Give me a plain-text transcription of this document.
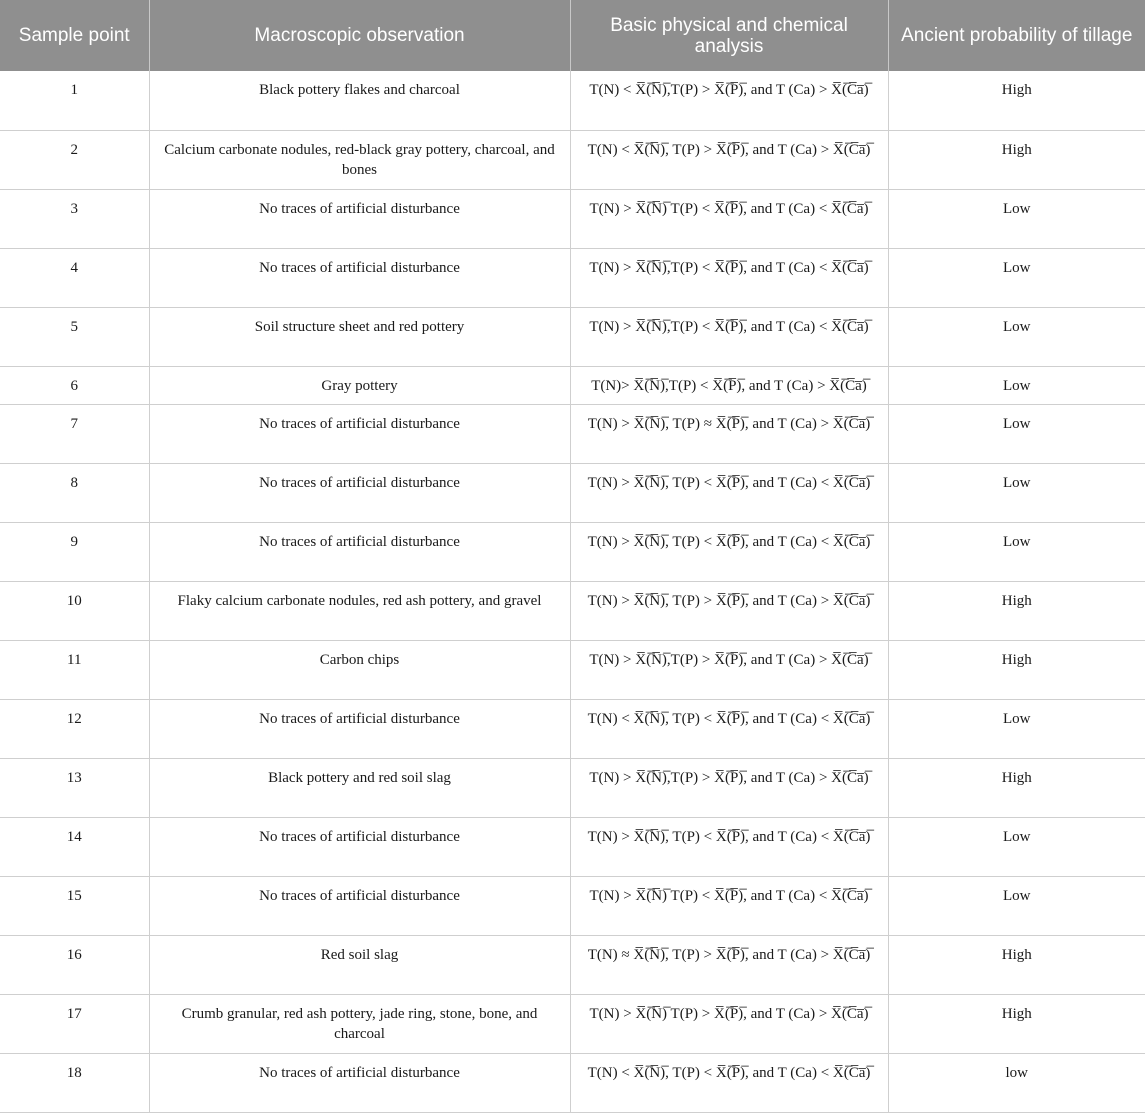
Sample point	Macroscopic observation	Basic physical and chemical analysis	Ancient probability of tillage
1	Black pottery flakes and charcoal	T(N) < X̅(̅N̅)̅,T(P) > X̅(̅P̅)̅, and T (Ca) > X̅(̅C̅a̅)̅	High
2	Calcium carbonate nodules, red-black gray pottery, charcoal, and bones	T(N) < X̅(̅N̅)̅, T(P) > X̅(̅P̅)̅, and T (Ca) > X̅(̅C̅a̅)̅	High
3	No traces of artificial disturbance	T(N) > X̅(̅N̅)̅ T(P) < X̅(̅P̅)̅, and T (Ca) < X̅(̅C̅a̅)̅	Low
4	No traces of artificial disturbance	T(N) > X̅(̅N̅)̅,T(P) < X̅(̅P̅)̅, and T (Ca) < X̅(̅C̅a̅)̅	Low
5	Soil structure sheet and red pottery	T(N) > X̅(̅N̅)̅,T(P) < X̅(̅P̅)̅, and T (Ca) < X̅(̅C̅a̅)̅	Low
6	Gray pottery	T(N)> X̅(̅N̅)̅,T(P) < X̅(̅P̅)̅, and T (Ca) > X̅(̅C̅a̅)̅	Low
7	No traces of artificial disturbance	T(N) > X̅(̅N̅)̅, T(P) ≈ X̅(̅P̅)̅, and T (Ca) > X̅(̅C̅a̅)̅	Low
8	No traces of artificial disturbance	T(N) > X̅(̅N̅)̅, T(P) < X̅(̅P̅)̅, and T (Ca) < X̅(̅C̅a̅)̅	Low
9	No traces of artificial disturbance	T(N) > X̅(̅N̅)̅, T(P) < X̅(̅P̅)̅, and T (Ca) < X̅(̅C̅a̅)̅	Low
10	Flaky calcium carbonate nodules, red ash pottery, and gravel	T(N) > X̅(̅N̅)̅, T(P) > X̅(̅P̅)̅, and T (Ca) > X̅(̅C̅a̅)̅	High
11	Carbon chips	T(N) > X̅(̅N̅)̅,T(P) > X̅(̅P̅)̅, and T (Ca) > X̅(̅C̅a̅)̅	High
12	No traces of artificial disturbance	T(N) < X̅(̅N̅)̅, T(P) < X̅(̅P̅)̅, and T (Ca) < X̅(̅C̅a̅)̅	Low
13	Black pottery and red soil slag	T(N) > X̅(̅N̅)̅,T(P) > X̅(̅P̅)̅, and T (Ca) > X̅(̅C̅a̅)̅	High
14	No traces of artificial disturbance	T(N) > X̅(̅N̅)̅, T(P) < X̅(̅P̅)̅, and T (Ca) < X̅(̅C̅a̅)̅	Low
15	No traces of artificial disturbance	T(N) > X̅(̅N̅)̅ T(P) < X̅(̅P̅)̅, and T (Ca) < X̅(̅C̅a̅)̅	Low
16	Red soil slag	T(N) ≈ X̅(̅N̅)̅, T(P) > X̅(̅P̅)̅, and T (Ca) > X̅(̅C̅a̅)̅	High
17	Crumb granular, red ash pottery, jade ring, stone, bone, and charcoal	T(N) > X̅(̅N̅)̅ T(P) > X̅(̅P̅)̅, and T (Ca) > X̅(̅C̅a̅)̅	High
18	No traces of artificial disturbance	T(N) < X̅(̅N̅)̅, T(P) < X̅(̅P̅)̅, and T (Ca) < X̅(̅C̅a̅)̅	low
